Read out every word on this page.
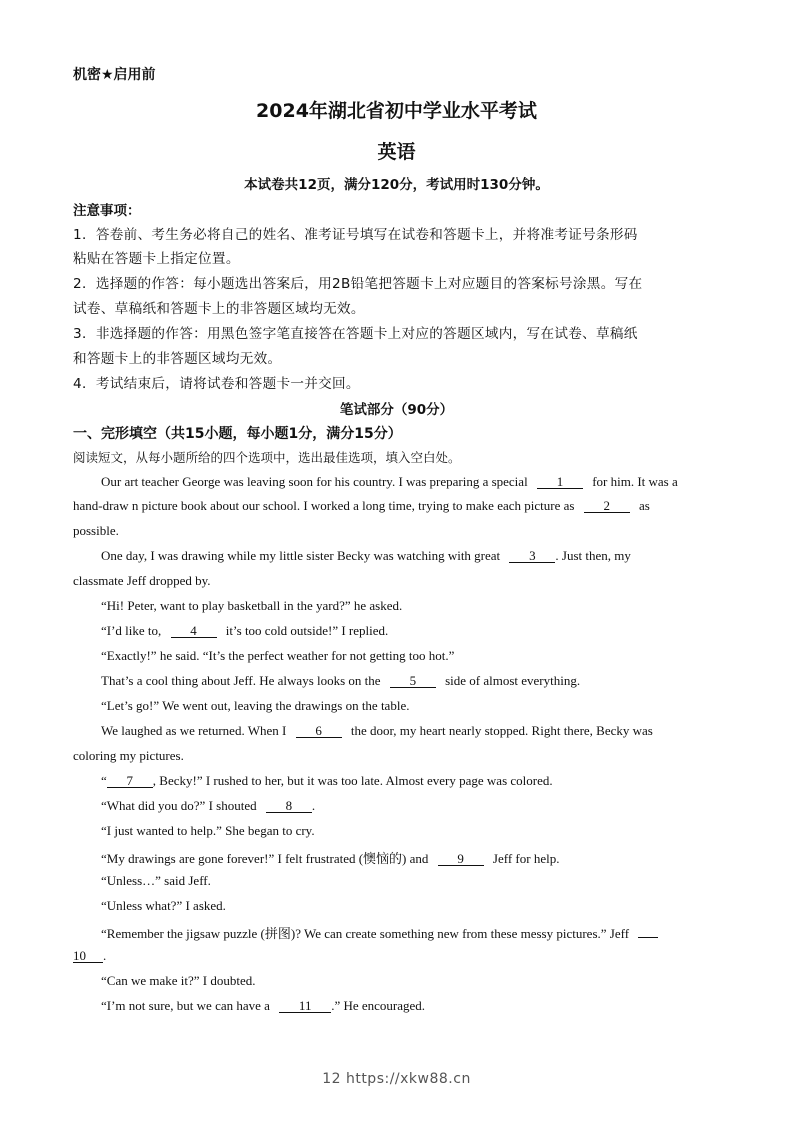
机密★启用前
2024年湖北省初中学业水平考试
英语
本试卷共12页，满分120分，考试用时130分钟。
注意事项：
1．答卷前、考生务必将自己的姓名、准考证号填写在试卷和答题卡上，并将准考证号条形码
粘贴在答题卡上指定位置。
2．选择题的作答：每小题选出答案后，用2B铅笔把答题卡上对应题目的答案标号涂黑。写在
试卷、草稿纸和答题卡上的非答题区域均无效。
3．非选择题的作答：用黑色签字笔直接答在答题卡上对应的答题区域内，写在试卷、草稿纸
和答题卡上的非答题区域均无效。
4．考试结束后，请将试卷和答题卡一并交回。
笔试部分（90分）
一、完形填空（共15小题，每小题1分，满分15分）
阅读短文，从每小题所给的四个选项中，选出最佳选项，填入空白处。
Our art teacher George was leaving soon for his country. I was preparing a special 1 for him. It was a
hand-draw n picture book about our school. I worked a long time, trying to make each picture as 2 as
possible.
One day, I was drawing while my little sister Becky was watching with great 3 . Just then, my
classmate Jeff dropped by.
“Hi! Peter, want to play basketball in the yard?” he asked.
“I’d like to, 4 it’s too cold outside!” I replied.
“Exactly!” he said. “It’s the perfect weather for not getting too hot.”
That’s a cool thing about Jeff. He always looks on the 5 side of almost everything.
“Let’s go!” We went out, leaving the drawings on the table.
We laughed as we returned. When I 6 the door, my heart nearly stopped. Right there, Becky was
coloring my pictures.
“ 7 , Becky!” I rushed to her, but it was too late. Almost every page was colored.
“What did you do?” I shouted 8 .
“I just wanted to help.” She began to cry.
“My drawings are gone forever!” I felt frustrated (懊恼的) and 9 Jeff for help.
“Unless…” said Jeff.
“Unless what?” I asked.
“Remember the jigsaw puzzle (拼图)? We can create something new from these messy pictures.” Jeff
10 .
“Can we make it?” I doubted.
“I’m not sure, but we can have a 11 .” He encouraged.
12 https://xkw88.cn
